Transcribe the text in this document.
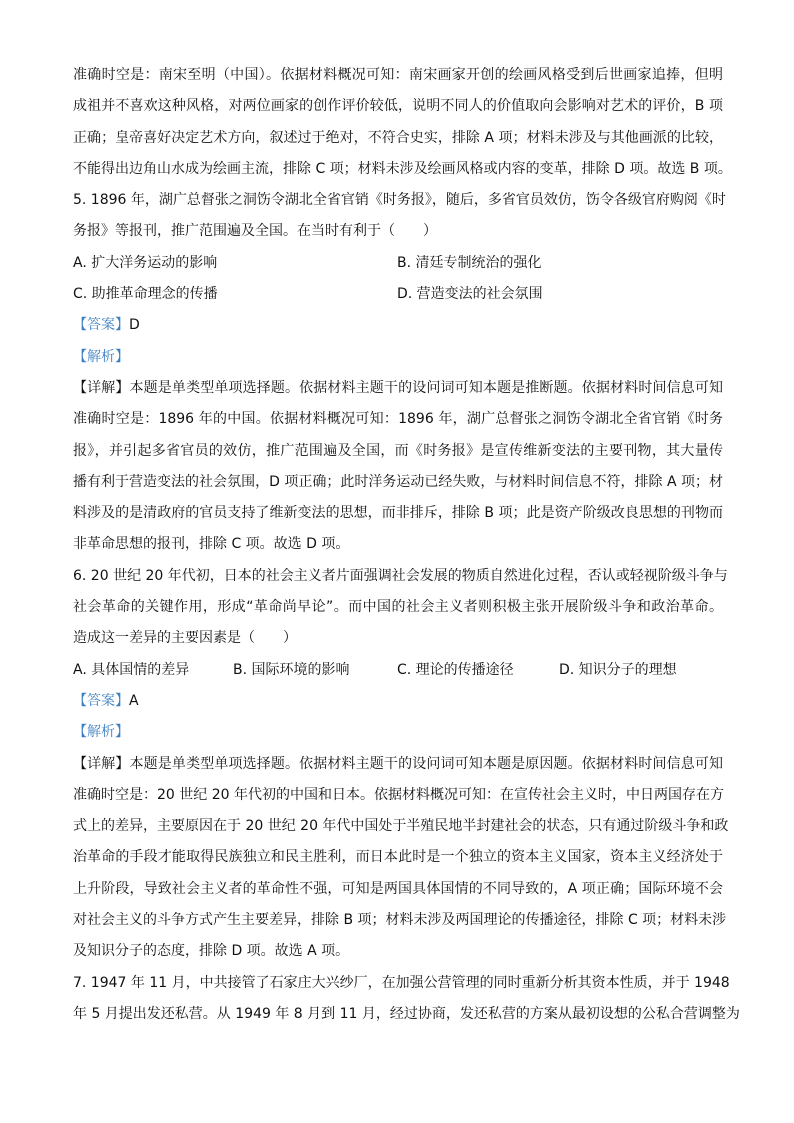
准确时空是：南宋至明（中国）。依据材料概况可知：南宋画家开创的绘画风格受到后世画家追捧，但明
成祖并不喜欢这种风格，对两位画家的创作评价较低，说明不同人的价值取向会影响对艺术的评价，B 项
正确；皇帝喜好决定艺术方向，叙述过于绝对，不符合史实，排除 A 项；材料未涉及与其他画派的比较，
不能得出边角山水成为绘画主流，排除 C 项；材料未涉及绘画风格或内容的变革，排除 D 项。故选 B 项。
5. 1896 年，湖广总督张之洞饬令湖北全省官销《时务报》，随后，多省官员效仿，饬令各级官府购阅《时
务报》等报刊，推广范围遍及全国。在当时有利于（　　）
A. 扩大洋务运动的影响	B. 清廷专制统治的强化
C. 助推革命理念的传播	D. 营造变法的社会氛围
【答案】D
【解析】
【详解】本题是单类型单项选择题。依据材料主题干的设问词可知本题是推断题。依据材料时间信息可知
准确时空是：1896 年的中国。依据材料概况可知：1896 年，湖广总督张之洞饬令湖北全省官销《时务
报》，并引起多省官员的效仿，推广范围遍及全国，而《时务报》是宣传维新变法的主要刊物，其大量传
播有利于营造变法的社会氛围，D 项正确；此时洋务运动已经失败，与材料时间信息不符，排除 A 项；材
料涉及的是清政府的官员支持了维新变法的思想，而非排斥，排除 B 项；此是资产阶级改良思想的刊物而
非革命思想的报刊，排除 C 项。故选 D 项。
6. 20 世纪 20 年代初，日本的社会主义者片面强调社会发展的物质自然进化过程，否认或轻视阶级斗争与
社会革命的关键作用，形成“革命尚早论”。而中国的社会主义者则积极主张开展阶级斗争和政治革命。
造成这一差异的主要因素是（　　）
A. 具体国情的差异	B. 国际环境的影响	C. 理论的传播途径	D. 知识分子的理想
【答案】A
【解析】
【详解】本题是单类型单项选择题。依据材料主题干的设问词可知本题是原因题。依据材料时间信息可知
准确时空是：20 世纪 20 年代初的中国和日本。依据材料概况可知：在宣传社会主义时，中日两国存在方
式上的差异，主要原因在于 20 世纪 20 年代中国处于半殖民地半封建社会的状态，只有通过阶级斗争和政
治革命的手段才能取得民族独立和民主胜利，而日本此时是一个独立的资本主义国家，资本主义经济处于
上升阶段，导致社会主义者的革命性不强，可知是两国具体国情的不同导致的，A 项正确；国际环境不会
对社会主义的斗争方式产生主要差异，排除 B 项；材料未涉及两国理论的传播途径，排除 C 项；材料未涉
及知识分子的态度，排除 D 项。故选 A 项。
7. 1947 年 11 月，中共接管了石家庄大兴纱厂，在加强公营管理的同时重新分析其资本性质，并于 1948
年 5 月提出发还私营。从 1949 年 8 月到 11 月，经过协商，发还私营的方案从最初设想的公私合营调整为
